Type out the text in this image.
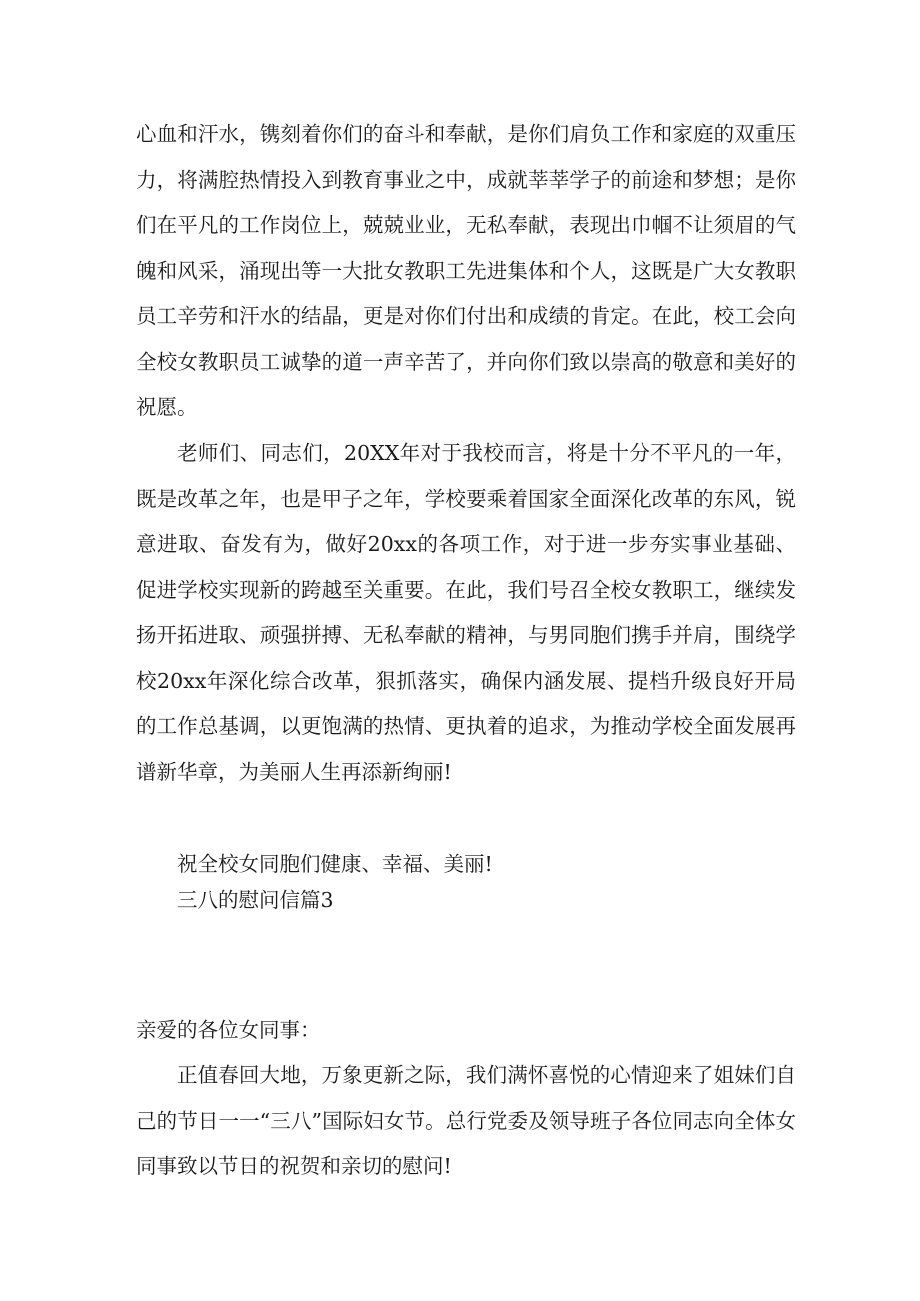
心血和汗水，镌刻着你们的奋斗和奉献，是你们肩负工作和家庭的双重压力，将满腔热情投入到教育事业之中，成就莘莘学子的前途和梦想；是你们在平凡的工作岗位上，兢兢业业，无私奉献，表现出巾帼不让须眉的气魄和风采，涌现出等一大批女教职工先进集体和个人，这既是广大女教职员工辛劳和汗水的结晶，更是对你们付出和成绩的肯定。在此，校工会向全校女教职员工诚挚的道一声辛苦了，并向你们致以崇高的敬意和美好的祝愿。

老师们、同志们，20XX年对于我校而言，将是十分不平凡的一年，既是改革之年，也是甲子之年，学校要乘着国家全面深化改革的东风，锐意进取、奋发有为，做好20xx的各项工作，对于进一步夯实事业基础、促进学校实现新的跨越至关重要。在此，我们号召全校女教职工，继续发扬开拓进取、顽强拼搏、无私奉献的精神，与男同胞们携手并肩，围绕学校20xx年深化综合改革，狠抓落实，确保内涵发展、提档升级良好开局的工作总基调，以更饱满的热情、更执着的追求，为推动学校全面发展再谱新华章，为美丽人生再添新绚丽!

祝全校女同胞们健康、幸福、美丽!

三八的慰问信篇3

亲爱的各位女同事：

正值春回大地，万象更新之际，我们满怀喜悦的心情迎来了姐妹们自己的节日一一“三八”国际妇女节。总行党委及领导班子各位同志向全体女同事致以节日的祝贺和亲切的慰问!
